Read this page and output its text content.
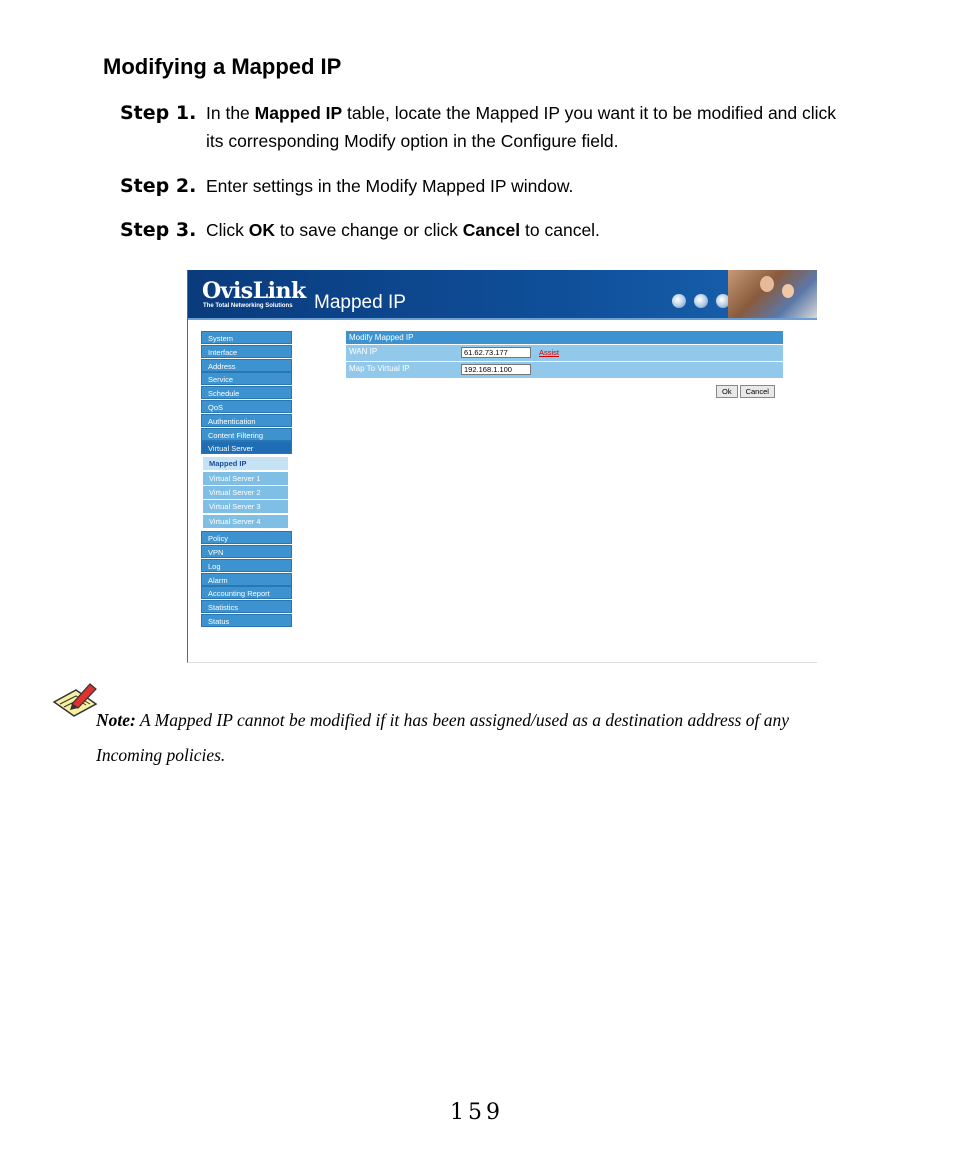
Modifying a Mapped IP
Step 1. In the Mapped IP table, locate the Mapped IP you want it to be modified and click
its corresponding Modify option in the Configure field.
Step 2. Enter settings in the Modify Mapped IP window.
Step 3. Click OK to save change or click Cancel to cancel.
OvisLink
The Total Networking Solutions Mapped IP
System
Interface
Address
Service
Schedule
QoS
Authentication
Content Filtering
Virtual Server
Mapped IP
Virtual Server 1
Virtual Server 2
Virtual Server 3
Virtual Server 4
Policy
VPN
Log
Alarm
Accounting Report
Statistics
Status
Modify Mapped IP
WAN IP
61.62.73.177	Assist
Map To Virtual IP
192.168.1.100
Ok Cancel
Note: A Mapped IP cannot be modified if it has been assigned/used as a destination address of any
Incoming policies.
159
